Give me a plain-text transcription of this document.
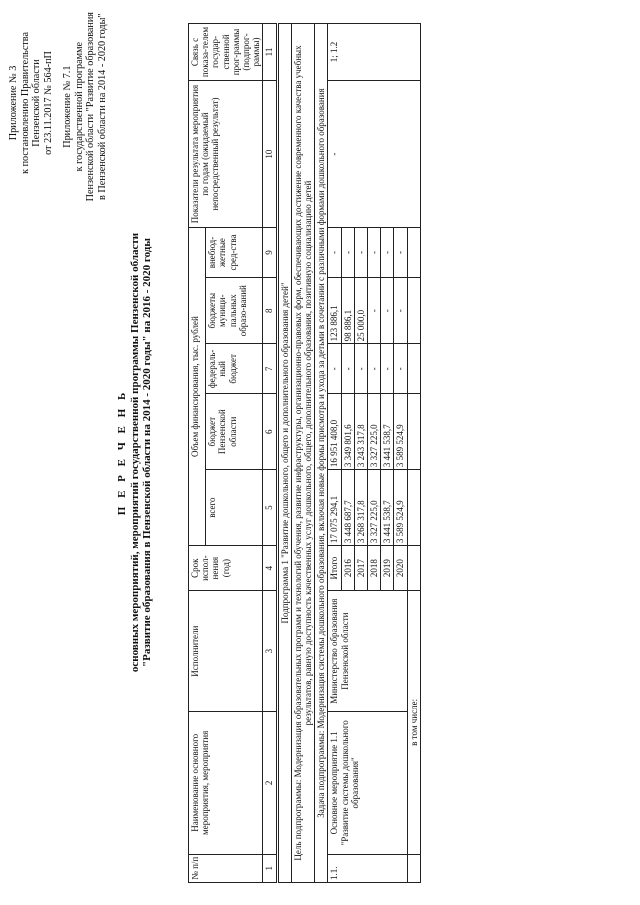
Приложение № 3 к постановлению Правительства Пензенской области от 23.11.2017 № 564-пП Приложение № 7.1 к государственной программе Пензенской области "Развитие образования в Пензенской области на 2014 - 2020 годы"
П Е Р Е Ч Е Н Ь основных мероприятий, мероприятий государственной программы Пензенской области "Развитие образования в Пензенской области на 2014 - 2020 годы" на 2016 - 2020 годы
№ п/п	Наименование основного мероприятия, мероприятия	Исполнители	Срок испол-нения (год)	Объем финансирования, тыс. рублей					Показатели результата мероприятия по годам (ожидаемый непосредственный результат)	Связь с показа-телем государ-ственной прог-раммы (подпрог-раммы)
				всего	бюджет Пензенской области	федераль-ный бюджет	бюджеты муници-пальных образо-ваний	внебюд-жетные сред-ства		
1	2	3	4	5	6	7	8	9	10	11
Подпрограмма 1 "Развитие дошкольного, общего и дополнительного образования детей"										
Цель подпрограммы: Модернизация образовательных программ и технологий обучения, развитие инфраструктуры, организационно-правовых форм, обеспечивающих достижение современного качества учебных результатов, равную доступность качественных услуг дошкольного, общего, дополнительного образования, позитивную социализацию детей										
Задача подпрограммы: Модернизация системы дошкольного образования, включая новые формы присмотра и ухода за детьми в сочетании с различными формами дошкольного образования										
1.1.	Основное мероприятие 1.1 "Развитие системы дошкольного образования"	Министерство образования Пензенской области	Итого	17 075 294,1	16 951 408,0	-	123 886,1	-	-	1; 1.2
			2016	3 448 687,7	3 349 801,6	-	98 886,1	-		
			2017	3 268 317,8	3 243 317,8	-	25 000,0	-		
			2018	3 327 225,0	3 327 225,0	-	-	-		
			2019	3 441 538,7	3 441 538,7	-	-	-		
			2020	3 589 524,9	3 589 524,9	-	-	-		
	в том числе:									
